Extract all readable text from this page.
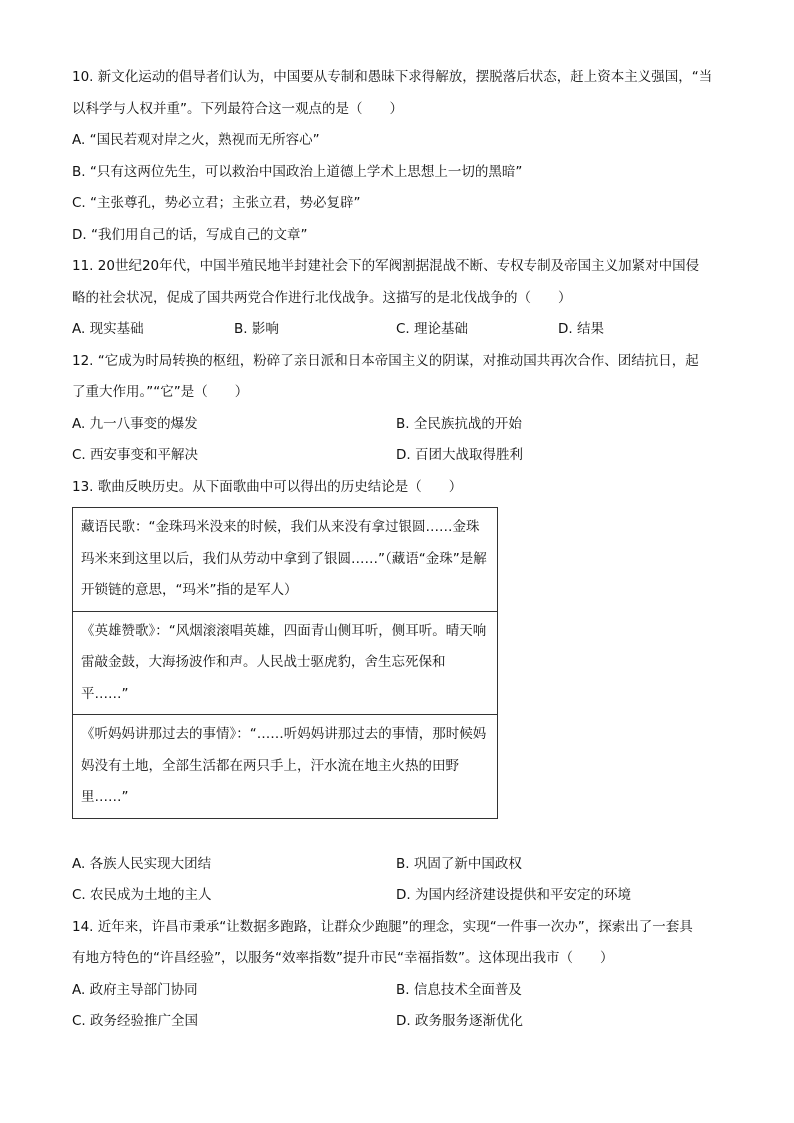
10. 新文化运动的倡导者们认为，中国要从专制和愚昧下求得解放，摆脱落后状态，赶上资本主义强国，“当
以科学与人权并重”。下列最符合这一观点的是（　　）
A. “国民若观对岸之火，熟视而无所容心”
B. “只有这两位先生，可以救治中国政治上道德上学术上思想上一切的黑暗”
C. “主张尊孔，势必立君；主张立君，势必复辟”
D. “我们用自己的话，写成自己的文章”
11. 20世纪20年代，中国半殖民地半封建社会下的军阀割据混战不断、专权专制及帝国主义加紧对中国侵
略的社会状况，促成了国共两党合作进行北伐战争。这描写的是北伐战争的（　　）
A. 现实基础	B. 影响	C. 理论基础	D. 结果
12. “它成为时局转换的枢纽，粉碎了亲日派和日本帝国主义的阴谋，对推动国共再次合作、团结抗日，起
了重大作用。”“它”是（　　）
A. 九一八事变的爆发	B. 全民族抗战的开始
C. 西安事变和平解决	D. 百团大战取得胜利
13. 歌曲反映历史。从下面歌曲中可以得出的历史结论是（　　）
藏语民歌：“金珠玛米没来的时候，我们从来没有拿过银圆……金珠玛米来到这里以后，我们从劳动中拿到了银圆……”（藏语“金珠”是解开锁链的意思，“玛米”指的是军人）
《英雄赞歌》：“风烟滚滚唱英雄，四面青山侧耳听，侧耳听。晴天响雷敲金鼓，大海扬波作和声。人民战士驱虎豹，舍生忘死保和平……”
《听妈妈讲那过去的事情》：“……听妈妈讲那过去的事情，那时候妈妈没有土地，全部生活都在两只手上，汗水流在地主火热的田野里……”
A. 各族人民实现大团结	B. 巩固了新中国政权
C. 农民成为土地的主人	D. 为国内经济建设提供和平安定的环境
14. 近年来，许昌市秉承“让数据多跑路，让群众少跑腿”的理念，实现“一件事一次办”，探索出了一套具
有地方特色的“许昌经验”，以服务“效率指数”提升市民“幸福指数”。这体现出我市（　　）
A. 政府主导部门协同	B. 信息技术全面普及
C. 政务经验推广全国	D. 政务服务逐渐优化
